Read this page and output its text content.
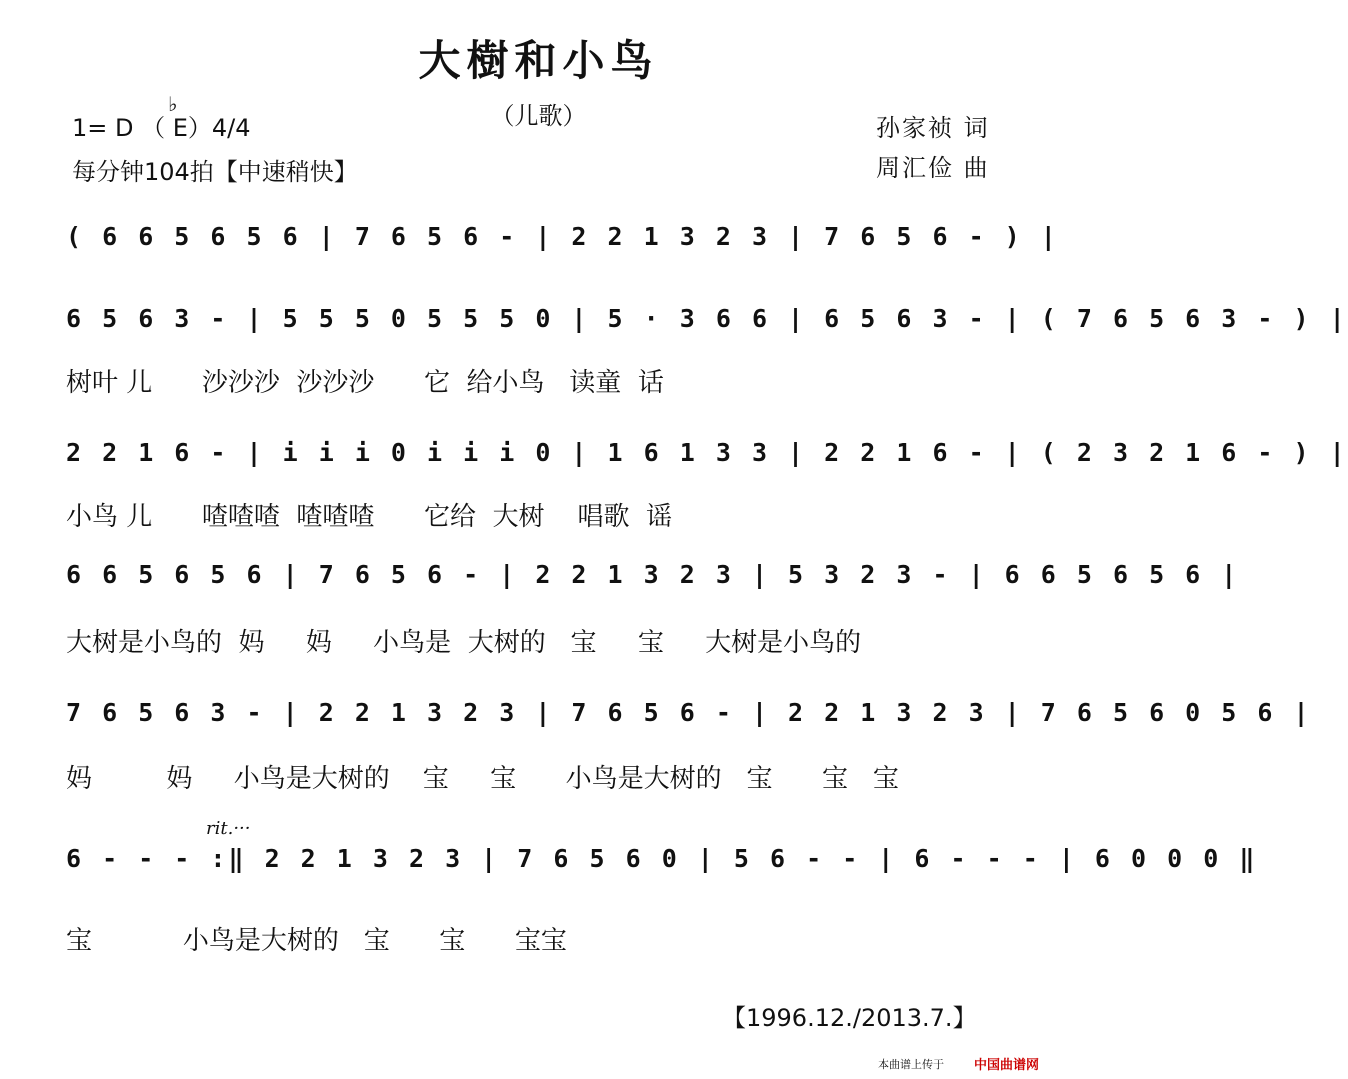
大樹和小鸟
（儿歌）
1= D （ E）4/4
♭
每分钟104拍【中速稍快】
孙家祯 词
周汇俭 曲
( 6 6 5 6 5 6 | 7 6 5 6 - | 2 2 1 3 2 3 | 7 6 5 6 - ) |
6 5 6 3 - | 5 5 5 0 5 5 5 0 | 5 · 3 6 6 | 6 5 6 3 - | ( 7 6 5 6 3 - ) |
树叶 儿      沙沙沙  沙沙沙      它  给小鸟   读童  话
2 2 1 6 - | i i i 0 i i i 0 | 1 6 1 3 3 | 2 2 1 6 - | ( 2 3 2 1 6 - ) |
小鸟 儿      喳喳喳  喳喳喳      它给  大树    唱歌  谣
6 6 5 6 5 6 | 7 6 5 6 - | 2 2 1 3 2 3 | 5 3 2 3 - | 6 6 5 6 5 6 |
大树是小鸟的  妈     妈     小鸟是  大树的   宝     宝     大树是小鸟的
7 6 5 6 3 - | 2 2 1 3 2 3 | 7 6 5 6 - | 2 2 1 3 2 3 | 7 6 5 6 0 5 6 |
妈         妈     小鸟是大树的    宝     宝      小鸟是大树的   宝      宝   宝
6 - - - :‖ 2 2 1 3 2 3 | 7 6 5 6 0 | 5 6 - - | 6 - - - | 6 0 0 0 ‖
宝           小鸟是大树的   宝      宝      宝宝
rit.···
【1996.12./2013.7.】
本曲谱上传于 中国曲谱网
